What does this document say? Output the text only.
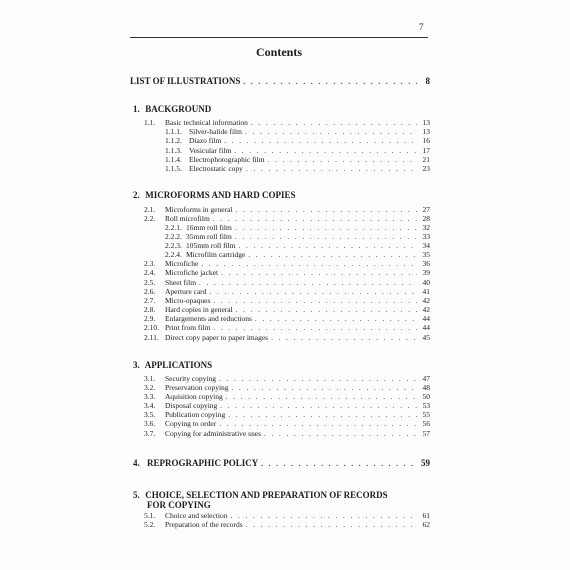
7
Contents
LIST OF ILLUSTRATIONS . . .	8
1. BACKGROUND
1.1.	Basic technical information . . .	13
1.1.1. Silver-halide film . . .	13
1.1.2. Diazo film . . .	16
1.1.3. Vesicular film . . .	17
1.1.4. Electrophotographic film . . .	21
1.1.5. Electrostatic copy . . .	23
2. MICROFORMS AND HARD COPIES
2.1.	Microforms in general . . .	27
2.2.	Roll microfilm . . .	28
2.2.1. 16mm roll film . . .	32
2.2.2. 35mm roll film . . .	33
2.2.3. 105mm roll film . . .	34
2.2.4. Microfilm cartridge . . .	35
2.3.	Microfiche . . .	36
2.4.	Microfiche jacket . . .	39
2.5.	Sheet film . . .	40
2.6.	Aperture card . . .	41
2.7.	Micro-opaques . . .	42
2.8.	Hard copies in general . . .	42
2.9.	Enlargements and reductions . . .	44
2.10. Print from film . . .	44
2.11. Direct copy paper to paper images . . .	45
3. APPLICATIONS
3.1.	Security copying . . .	47
3.2.	Preservation copying . . .	48
3.3.	Aquisition copying . . .	50
3.4.	Disposal copying . . .	53
3.5.	Publication copying . . .	55
3.6.	Copying to order . . .	56
3.7.	Copying for administrative uses . . .	57
4. REPROGRAPHIC POLICY . . .	59
5. CHOICE, SELECTION AND PREPARATION OF RECORDS
FOR COPYING
5.1.	Choice and selection . . .	61
5.2.	Preparation of the records . . .	62
